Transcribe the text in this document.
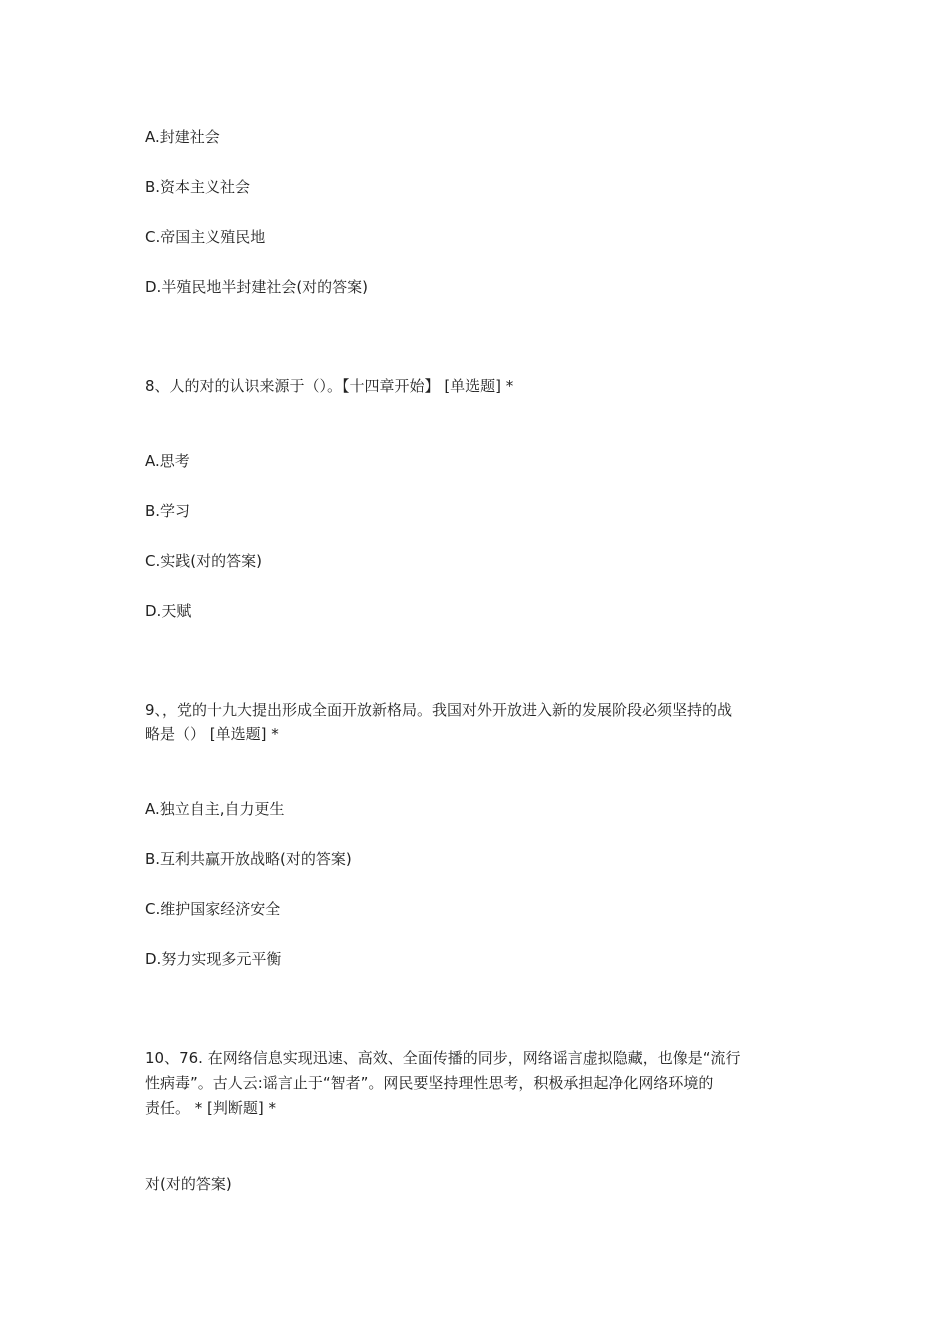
A.封建社会
B.资本主义社会
C.帝国主义殖民地
D.半殖民地半封建社会(对的答案)
8、人的对的认识来源于（）。【十四章开始】 [单选题] *
A.思考
B.学习
C.实践(对的答案)
D.天赋
9、，党的十九大提出形成全面开放新格局。我国对外开放进入新的发展阶段必须坚持的战
略是（） [单选题] *
A.独立自主,自力更生
B.互利共赢开放战略(对的答案)
C.维护国家经济安全
D.努力实现多元平衡
10、76. 在网络信息实现迅速、高效、全面传播的同步，网络谣言虚拟隐藏，也像是“流行
性病毒”。古人云:谣言止于“智者”。网民要坚持理性思考，积极承担起净化网络环境的
责任。 * [判断题] *
对(对的答案)
